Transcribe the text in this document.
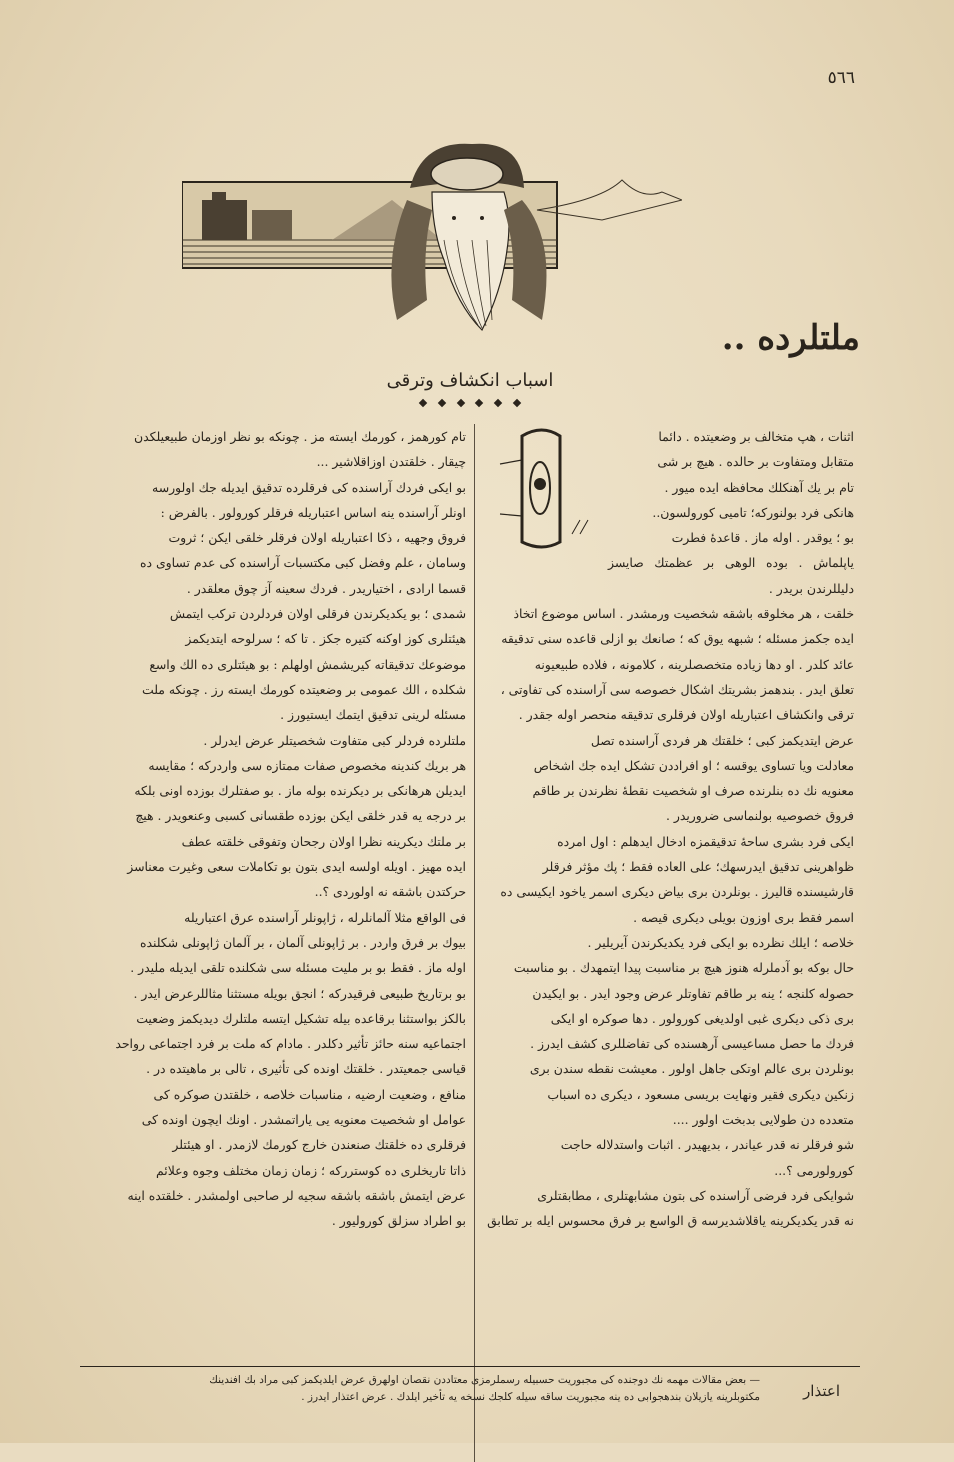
٥٦٦
ملتلرده ..
اسباب انکشاف وترقی

اثنات ، هپ متخالف بر وضعیتده . دائما

متقابل ومتفاوت بر حالده . هیچ بر شی

تام بر یك آهنکلك محافظه ایده میور .

هانکی فرد بولنورکه؛ تامیی کورولسون..

بو ؛ یوقدر . اوله ماز . قاعدهٔ فطرت

یاپلماش . بوده الوهی بر عظمتك صایسز دلیللرندن بریدر .

خلقت ، هر مخلوقه باشقه شخصیت ورمشدر . اساس موضوع اتخاذ

ایده جکمز مسئله ؛ شبهه یوق که ؛ صانعك بو ازلی قاعده سنی تدقیقه

عائد کلدر . او دها زیاده متخصصلرینه ، کلامونه ، فلاده طبیعیونه

تعلق ایدر . بندهمز بشریتك اشکال خصوصه سی آراسنده کی تفاوتی ،

ترقی وانکشاف اعتباریله اولان فرقلری تدقیقه منحصر اوله جقدر .

عرض ایتدیکمز کبی ؛ خلقتك هر فردی آراسنده تصل

معادلت ویا تساوی یوقسه ؛ او افراددن تشکل ایده جك اشخاص

معنویه نك ده بنلرنده صرف او شخصیت نقطهٔ نظرندن بر طاقم

فروق خصوصیه بولنماسی ضروریدر .

ایکی فرد بشری ساحهٔ تدقیقمزه ادخال ایدهلم : اول امرده

ظواهرینی تدقیق ایدرسهك؛ علی العاده فقط ؛ پك مؤثر فرقلر

قارشیسنده قالیرز . بونلردن بری بیاض دیکری اسمر یاخود ایکیسی ده

اسمر فقط بری اوزون بویلی دیکری قیصه .

خلاصه ؛ ایلك نظرده بو ایکی فرد یکدیکرندن آیریلیر .

حال بوکه بو آدملرله هنوز هیچ بر مناسبت پیدا ایتمهدك . بو مناسبت

حصوله کلنجه ؛ ینه بر طاقم تفاوتلر عرض وجود ایدر . بو ایکیدن

بری ذکی دیکری غبی اولدیغی کورولور . دها صوکره او ایکی

فردك ما حصل مساعیسی آرهسنده کی تفاضللری کشف ایدرز .

بونلردن بری عالم اوتکی جاهل اولور . معیشت نقطه سندن بری

زنکین دیکری فقیر ونهایت بریسی مسعود ، دیکری ده اسباب

متعدده دن طولایی بدبخت اولور ....

شو فرقلر نه قدر عیاندر ، بدیهیدر . اثبات واستدلاله حاجت

کورولورمی ؟...

شوایکی فرد فرضی آراسنده کی بتون مشابهتلری ، مطابقتلری

نه قدر یکدیکرینه یاقلاشدیرسه ق الواسع بر فرق محسوس ایله بر تطابق

تام کورهمز ، کورمك ایسته مز . چونکه بو نظر اوزمان طبیعیلکدن

چیقار . خلقتدن اوزاقلاشیر ...

بو ایکی فردك آراسنده کی فرقلرده تدقیق ایدیله جك اولورسه

اونلر آراسنده ینه اساس اعتباریله فرقلر کورولور . بالفرض :

فروق وجهیه ، ذکا اعتباریله اولان فرقلر خلقی ایکن ؛ ثروت

وسامان ، علم وفضل کبی مکتسبات آراسنده کی عدم تساوی ده

قسما ارادی ، اختیاریدر . فردك سعینه آز چوق معلقدر .

شمدی ؛ بو یکدیکرندن فرقلی اولان فردلردن ترکب ایتمش

هیئتلری کوز اوکنه کتیره جکز . تا که ؛ سرلوحه ایتدیکمز

موضوعك تدقیقاته کیریشمش اولهلم : بو هیئتلری ده الك واسع

شکلده ، الك عمومی بر وضعیتده کورمك ایسته رز . چونکه ملت

مسئله لرینی تدقیق ایتمك ایستیورز .

ملتلرده فردلر کبی متفاوت شخصیتلر عرض ایدرلر .

هر بریك کندینه مخصوص صفات ممتازه سی واردرکه ؛ مقایسه

ایدیلن هرهانکی بر دیکرنده بوله ماز . بو صفتلرك بوزده اونی بلکه

بر درجه یه قدر خلقی ایکن بوزده طقسانی کسبی وعنعویدر . هیچ

بر ملتك دیکرینه نظرا اولان رجحان وتفوقی خلقته عطف

ایده مهیز . اویله اولسه ایدی بتون بو تکاملات سعی وغیرت معناسز

حرکتدن باشقه نه اولوردی ؟..

فی الواقع مثلا آلمانلرله ، ژاپونلر آراسنده عرق اعتباریله

بیوك بر فرق واردر . بر ژاپونلی آلمان ، بر آلمان ژاپونلی شکلنده

اوله ماز . فقط بو بر ملیت مسئله سی شکلنده تلقی ایدیله ملیدر .

بو برتاریخ طبیعی فرقیدرکه ؛ انجق بویله مستثنا مثاللرعرض ایدر .

بالکز بواستثنا برقاعده بیله تشکیل ایتسه ملتلرك دیدیکمز وضعیت

اجتماعیه سنه حائز تأثیر دکلدر . مادام که ملت بر فرد اجتماعی رواحد

قیاسی جمعیتدر . خلقتك اونده کی تأثیری ، تالی بر ماهیتده در .

منافع ، وضعیت ارضیه ، مناسبات خلاصه ، خلقتدن صوکره کی

عوامل او شخصیت معنویه یی یاراتمشدر . اونك ایچون اونده کی

فرقلری ده خلقتك صنعندن خارج کورمك لازمدر . او هیئتلر

ذاتا تاریخلری ده کوستررکه ؛ زمان زمان مختلف وجوه وعلائم

عرض ایتمش باشقه باشقه سجیه لر صاحبی اولمشدر . خلقتده اینه

بو اطراد سزلق کورولیور .

اعتذار
— بعض مقالات مهمه نك دوجنده کی مجبوریت حسبیله رسملرمزی معتاددن نقصان اولهرق عرض ایلدیکمز کبی مراد بك افندینك
مکتوبلرینه یازیلان بندهجوابی ده ینه مجبوریت ساقه سیله کلجك نسخه یه تأخیر ایلدك . عرض اعتذار ایدرز .
